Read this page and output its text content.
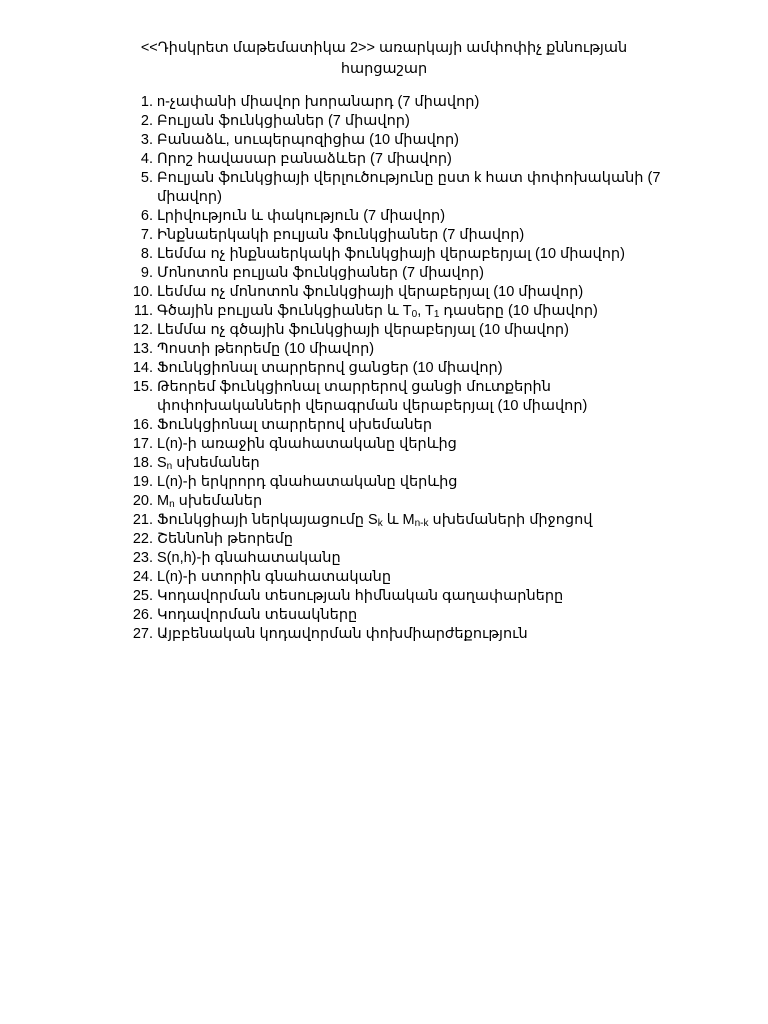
<<Դիսկրետ մաթեմատիկա 2>> առարկայի ամփոփիչ քննության
հարցաշար
1 . n-չափանի միավոր խորանարդ (7 միավոր)
2 . Բուլյան ֆունկցիաներ (7 միավոր)
3 . Բանաձև, սուպերպոզիցիա (10 միավոր)
4 . Որոշ հավասար բանաձևեր (7 միավոր)
5 . Բուլյան ֆունկցիայի վերլուծությունը ըստ k հատ փոփոխականի (7 միավոր)
6 . Լրիվություն և փակություն (7 միավոր)
7 . Ինքնաերկակի բուլյան ֆունկցիաներ (7 միավոր)
8 . Լեմմա ոչ ինքնաերկակի ֆունկցիայի վերաբերյալ (10 միավոր)
9 . Մոնոտոն բուլյան ֆունկցիաներ (7 միավոր)
10 . Լեմմա ոչ մոնոտոն ֆունկցիայի վերաբերյալ (10 միավոր)
11 . Գծային բուլյան ֆունկցիաներ և $T_0$, $T_1$ դասերը (10 միավոր)
12 . Լեմմա ոչ գծային ֆունկցիայի վերաբերյալ (10 միավոր)
13 . Պոստի թեորեմը (10 միավոր)
14 . Ֆունկցիոնալ տարրերով ցանցեր (10 միավոր)
15 . Թեորեմ ֆունկցիոնալ տարրերով ցանցի մուտքերին փոփոխականների վերագրման վերաբերյալ (10 միավոր)
16 . Ֆունկցիոնալ տարրերով սխեմաներ
17 . L(n)-ի առաջին գնահատականը վերևից
18 . $S_n$ սխեմաներ
19 . L(n)-ի երկրորդ գնահատականը վերևից
20 . $M_n$ սխեմաներ
21 . Ֆունկցիայի ներկայացումը $S_k$ և $M_{n-k}$ սխեմաների միջոցով
22 . Շեննոնի թեորեմը
23 . S(n,h)-ի գնահատականը
24 . L(n)-ի ստորին գնահատականը
25 . Կոդավորման տեսության հիմնական գաղափարները
26 . Կոդավորման տեսակները
27 . Այբբենական կոդավորման փոխմիարժեքություն
